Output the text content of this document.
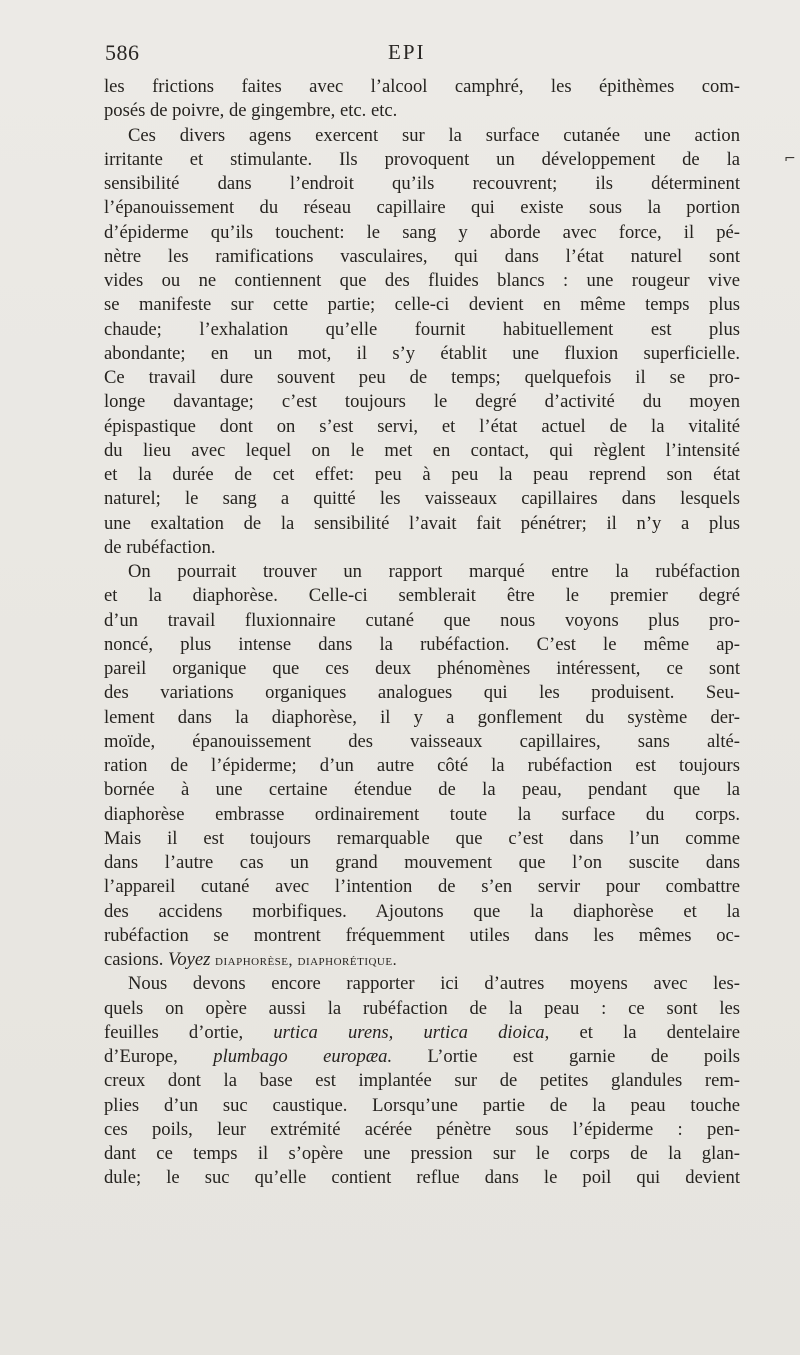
586	EPI
⌐
les frictions faites avec l’alcool camphré, les épithèmes com-
posés de poivre, de gingembre, etc. etc.
Ces divers agens exercent sur la surface cutanée une action
irritante et stimulante. Ils provoquent un développement de la
sensibilité dans l’endroit qu’ils recouvrent; ils déterminent
l’épanouissement du réseau capillaire qui existe sous la portion
d’épiderme qu’ils touchent: le sang y aborde avec force, il pé-
nètre les ramifications vasculaires, qui dans l’état naturel sont
vides ou ne contiennent que des fluides blancs : une rougeur vive
se manifeste sur cette partie; celle-ci devient en même temps plus
chaude; l’exhalation qu’elle fournit habituellement est plus
abondante; en un mot, il s’y établit une fluxion superficielle.
Ce travail dure souvent peu de temps; quelquefois il se pro-
longe davantage; c’est toujours le degré d’activité du moyen
épispastique dont on s’est servi, et l’état actuel de la vitalité
du lieu avec lequel on le met en contact, qui règlent l’intensité
et la durée de cet effet: peu à peu la peau reprend son état
naturel; le sang a quitté les vaisseaux capillaires dans lesquels
une exaltation de la sensibilité l’avait fait pénétrer; il n’y a plus
de rubéfaction.
On pourrait trouver un rapport marqué entre la rubéfaction
et la diaphorèse. Celle-ci semblerait être le premier degré
d’un travail fluxionnaire cutané que nous voyons plus pro-
noncé, plus intense dans la rubéfaction. C’est le même ap-
pareil organique que ces deux phénomènes intéressent, ce sont
des variations organiques analogues qui les produisent. Seu-
lement dans la diaphorèse, il y a gonflement du système der-
moïde, épanouissement des vaisseaux capillaires, sans alté-
ration de l’épiderme; d’un autre côté la rubéfaction est toujours
bornée à une certaine étendue de la peau, pendant que la
diaphorèse embrasse ordinairement toute la surface du corps.
Mais il est toujours remarquable que c’est dans l’un comme
dans l’autre cas un grand mouvement que l’on suscite dans
l’appareil cutané avec l’intention de s’en servir pour combattre
des accidens morbifiques. Ajoutons que la diaphorèse et la
rubéfaction se montrent fréquemment utiles dans les mêmes oc-
casions. Voyez diaphorèse, diaphorétique.
Nous devons encore rapporter ici d’autres moyens avec les-
quels on opère aussi la rubéfaction de la peau : ce sont les
feuilles d’ortie, urtica urens, urtica dioica, et la dentelaire
d’Europe, plumbago europæa. L’ortie est garnie de poils
creux dont la base est implantée sur de petites glandules rem-
plies d’un suc caustique. Lorsqu’une partie de la peau touche
ces poils, leur extrémité acérée pénètre sous l’épiderme : pen-
dant ce temps il s’opère une pression sur le corps de la glan-
dule; le suc qu’elle contient reflue dans le poil qui devient
